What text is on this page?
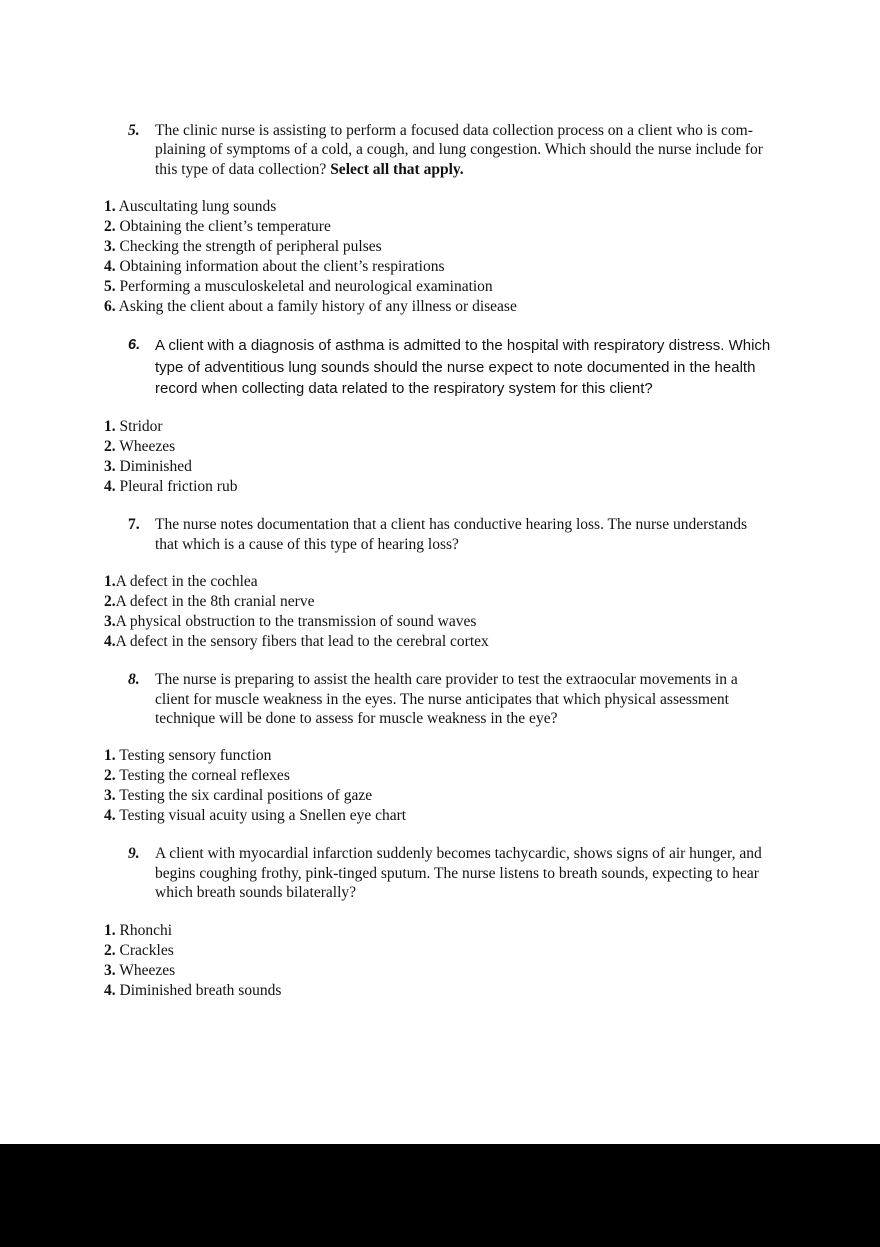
5. The clinic nurse is assisting to perform a focused data collection process on a client who is com- plaining of symptoms of a cold, a cough, and lung congestion. Which should the nurse include for this type of data collection? Select all that apply.

1. Auscultating lung sounds
2. Obtaining the client’s temperature
3. Checking the strength of peripheral pulses
4. Obtaining information about the client’s respirations
5. Performing a musculoskeletal and neurological examination
6. Asking the client about a family history of any illness or disease
6. A client with a diagnosis of asthma is admitted to the hospital with respiratory distress. Which type of adventitious lung sounds should the nurse expect to note documented in the health record when collecting data related to the respiratory system for this client?

1. Stridor
2. Wheezes
3. Diminished
4. Pleural friction rub
7. The nurse notes documentation that a client has conductive hearing loss. The nurse understands that which is a cause of this type of hearing loss?

1.A defect in the cochlea
2.A defect in the 8th cranial nerve
3.A physical obstruction to the transmission of sound waves
4.A defect in the sensory fibers that lead to the cerebral cortex
8. The nurse is preparing to assist the health care provider to test the extraocular movements in a client for muscle weakness in the eyes. The nurse anticipates that which physical assessment technique will be done to assess for muscle weakness in the eye?

1. Testing sensory function
2. Testing the corneal reflexes
3. Testing the six cardinal positions of gaze
4. Testing visual acuity using a Snellen eye chart
9. A client with myocardial infarction suddenly becomes tachycardic, shows signs of air hunger, and begins coughing frothy, pink-tinged sputum. The nurse listens to breath sounds, expecting to hear which breath sounds bilaterally?

1. Rhonchi
2. Crackles
3. Wheezes
4. Diminished breath sounds
